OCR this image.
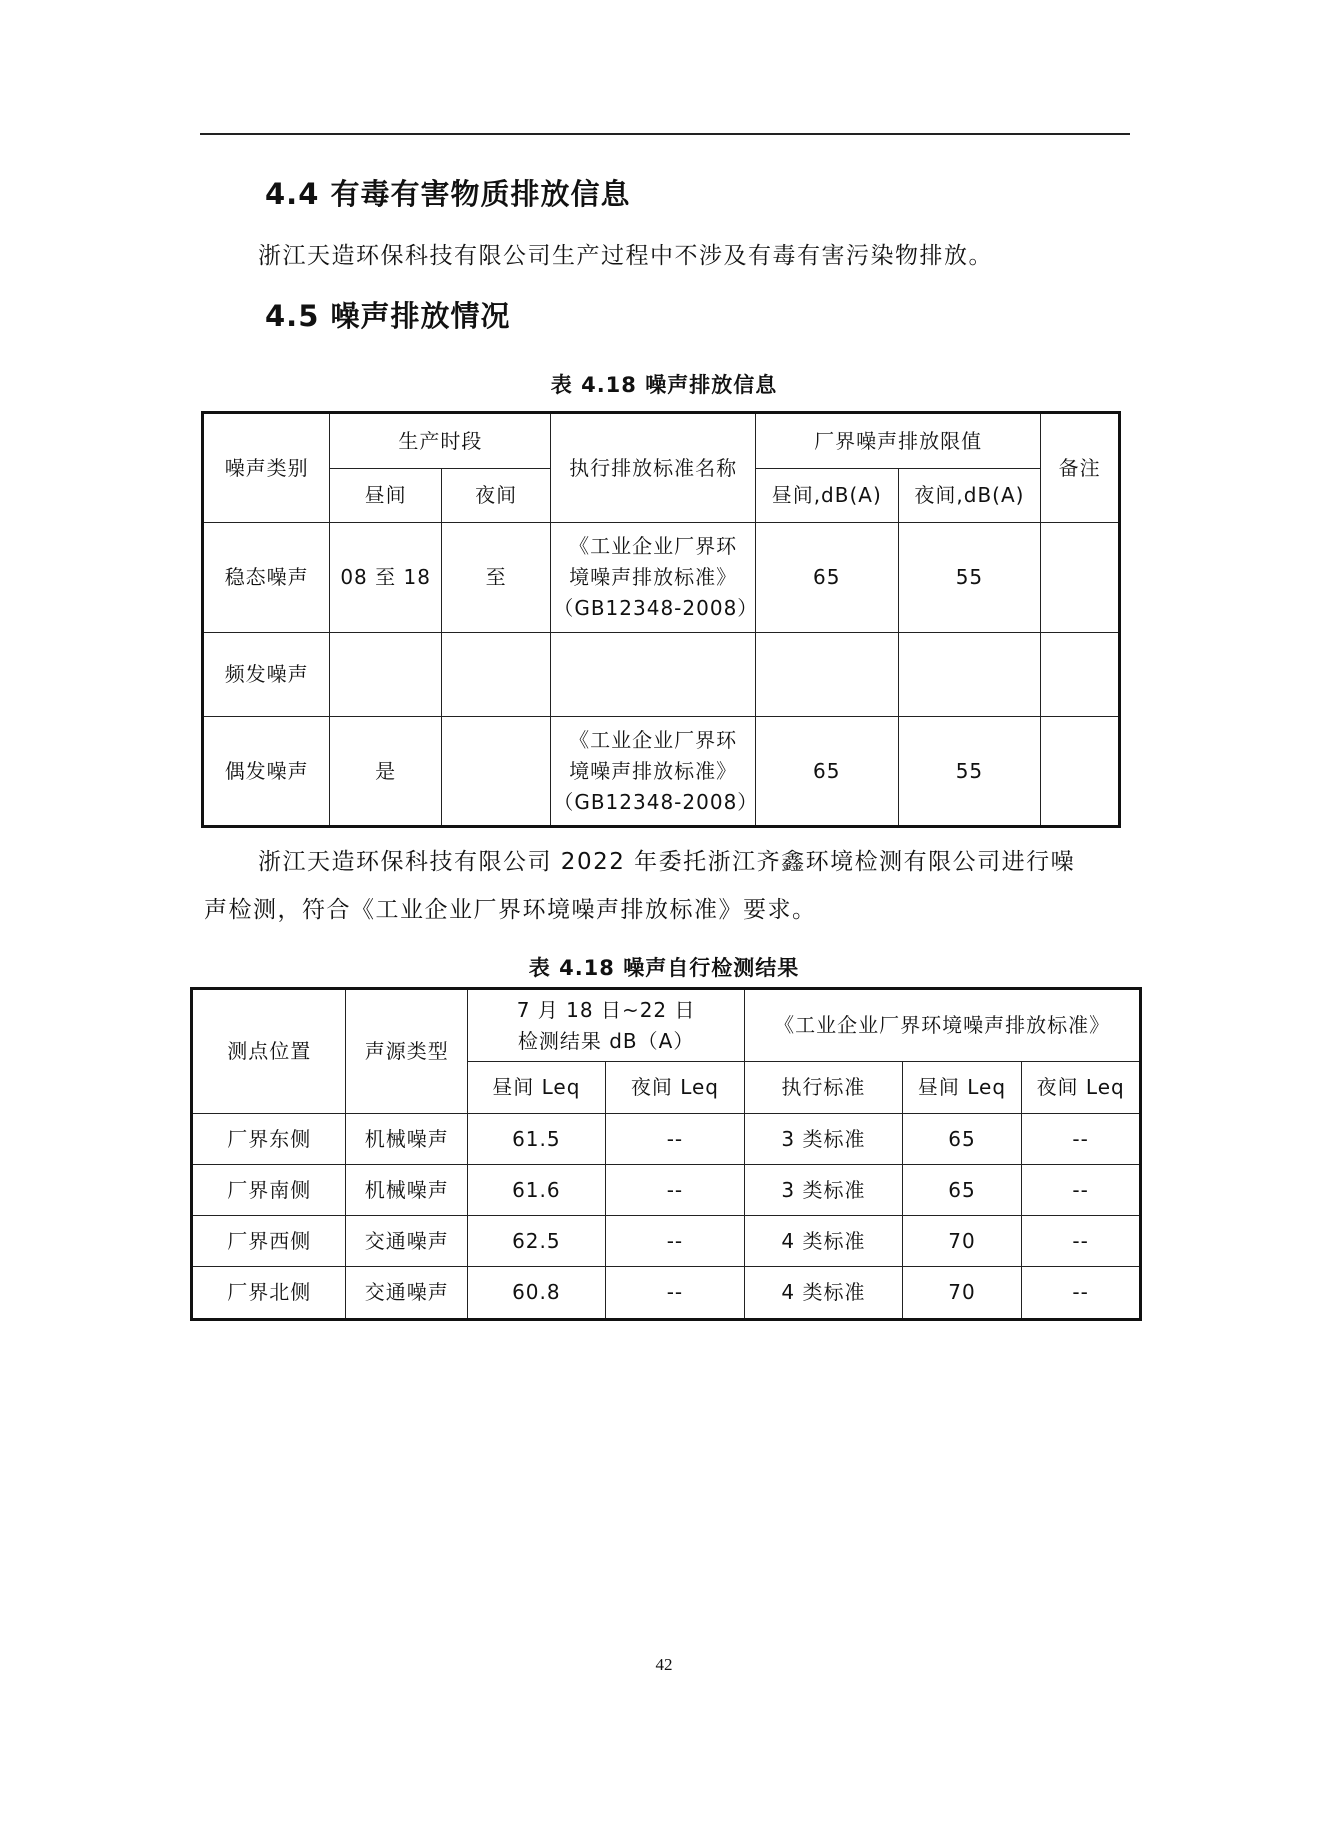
4.4 有毒有害物质排放信息
浙江天造环保科技有限公司生产过程中不涉及有毒有害污染物排放。
4.5 噪声排放情况
表 4.18 噪声排放信息
噪声类别	生产时段		执行排放标准名称	厂界噪声排放限值		备注
	昼间	夜间		昼间,dB(A)	夜间,dB(A)	
稳态噪声	08 至 18	至	《工业企业厂界环
境噪声排放标准》
（GB12348-2008）	65	55	
频发噪声			

偶发噪声	是		《工业企业厂界环
境噪声排放标准》
（GB12348-2008）	65	55	
浙江天造环保科技有限公司 2022 年委托浙江齐鑫环境检测有限公司进行噪
声检测，符合《工业企业厂界环境噪声排放标准》要求。
表 4.18 噪声自行检测结果
测点位置	声源类型	7 月 18 日~22 日
检测结果 dB（A）		《工业企业厂界环境噪声排放标准》		
		昼间 Leq	夜间 Leq	执行标准	昼间 Leq	夜间 Leq
厂界东侧	机械噪声	61.5	--	3 类标准	65	--
厂界南侧	机械噪声	61.6	--	3 类标准	65	--
厂界西侧	交通噪声	62.5	--	4 类标准	70	--
厂界北侧	交通噪声	60.8	--	4 类标准	70	--
42
